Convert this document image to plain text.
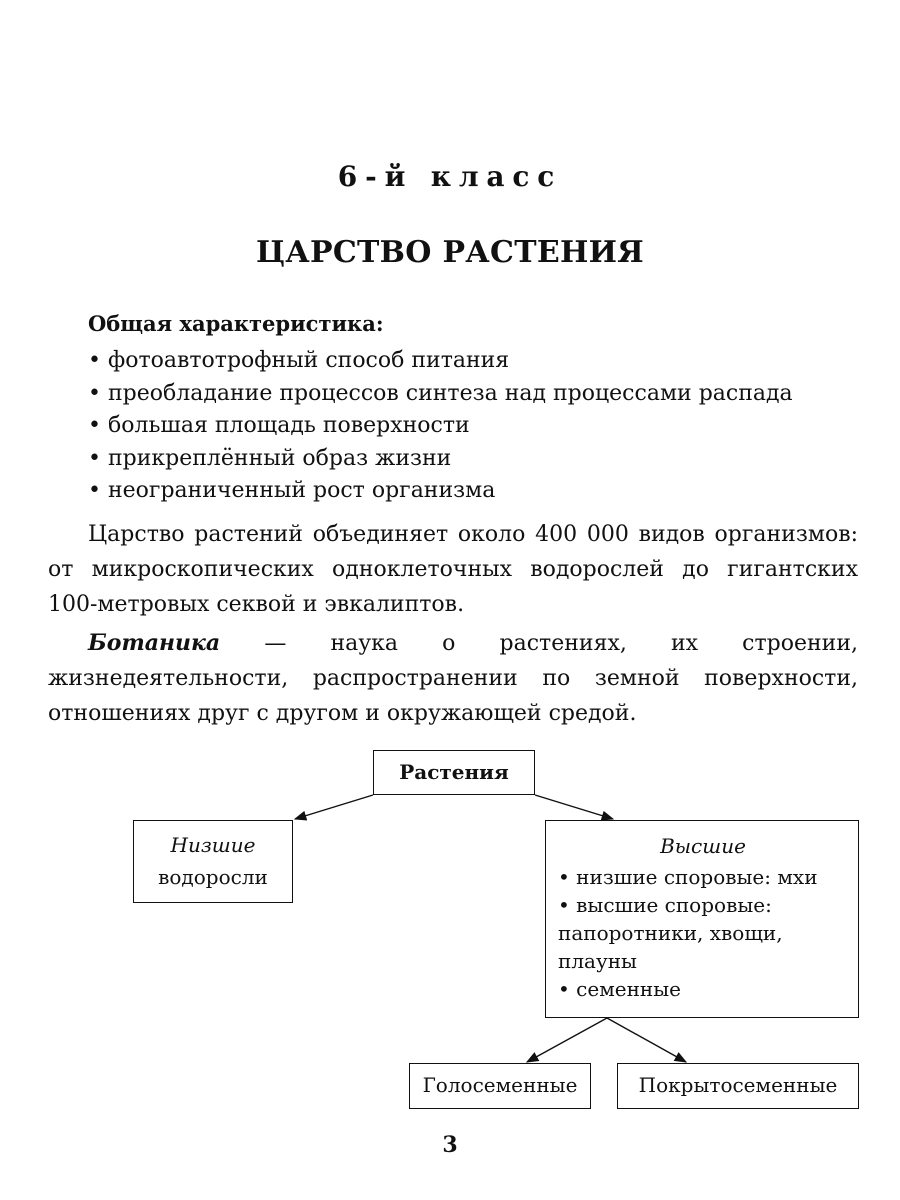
6-й класс
ЦАРСТВО РАСТЕНИЯ
Общая характеристика:
• фотоавтотрофный способ питания
• преобладание процессов синтеза над процессами распада
• большая площадь поверхности
• прикреплённый образ жизни
• неограниченный рост организма

Царство растений объединяет около 400 000 видов организмов: от микроскопических одноклеточных водорослей до гигантских 100-метровых секвой и эвкалиптов.

Ботаника — наука о растениях, их строении, жизнедеятельности, распространении по земной поверхности, отношениях друг с другом и окружающей средой.

Растения
Низшие
водоросли
Высшие
• низшие споровые: мхи
• высшие споровые: папоротники, хвощи, плауны
• семенные
Голосеменные	Покрытосеменные
3
